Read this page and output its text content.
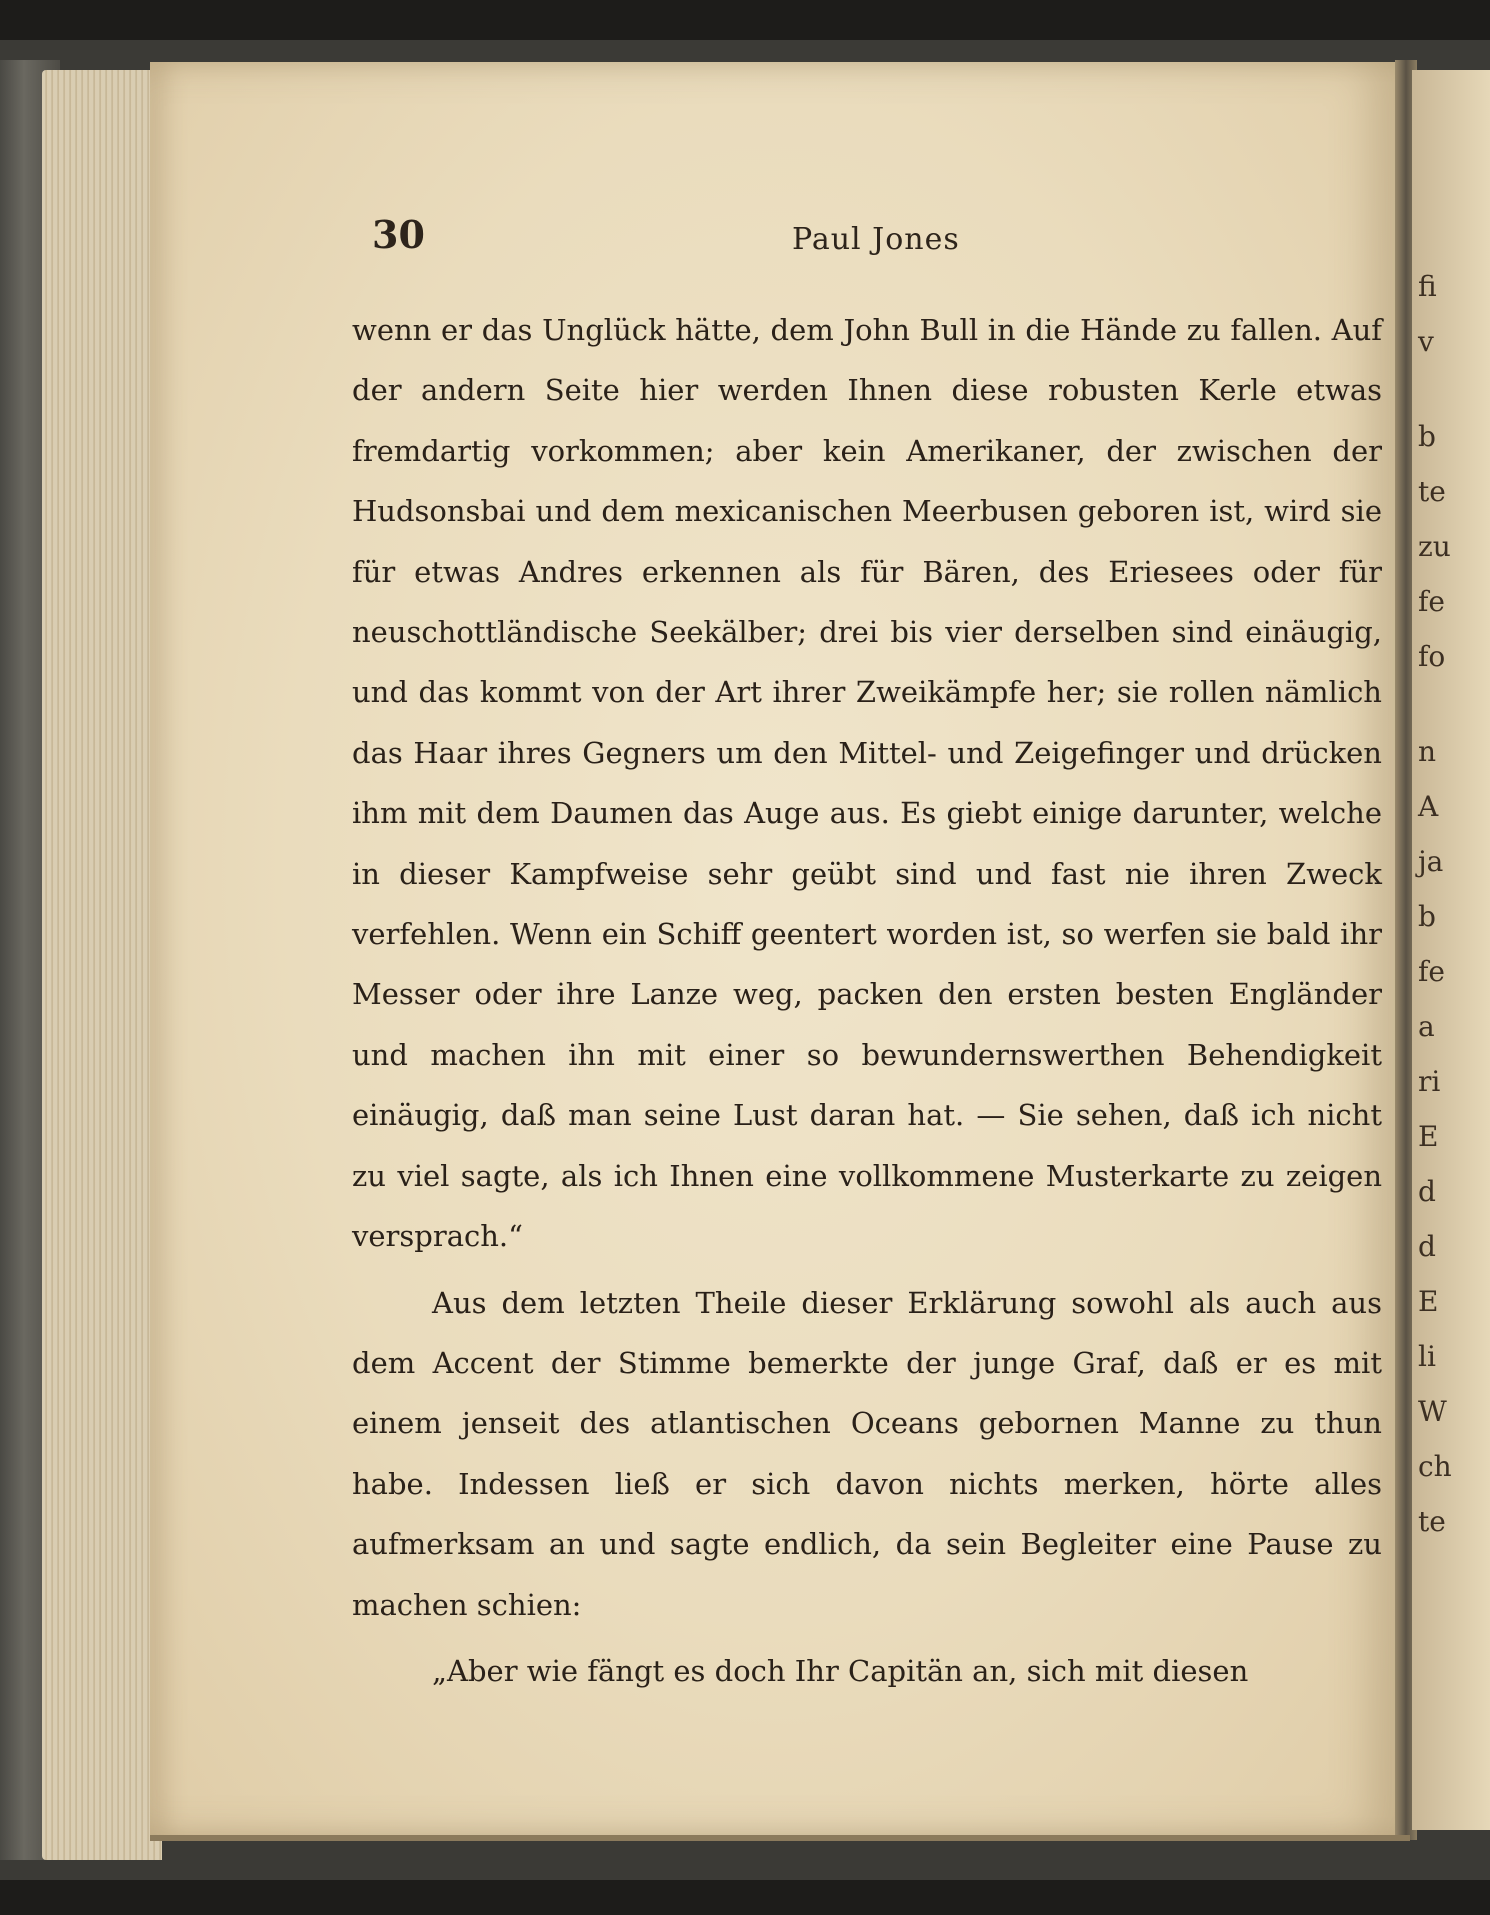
fi
v
b
te
zu
fe
fo
n
A
ja
b
fe
a
ri
E
d
d
E
li
W
ch
te
30	Paul Jones

wenn er das Unglück hätte, dem John Bull in die Hände zu fallen. Auf der andern Seite hier werden Ihnen diese robusten Kerle etwas fremdartig vorkommen; aber kein Amerikaner, der zwischen der Hudsonsbai und dem mexicanischen Meerbusen geboren ist, wird sie für etwas Andres erkennen als für Bären, des Eriesees oder für neuschottländische Seekälber; drei bis vier derselben sind einäugig, und das kommt von der Art ihrer Zweikämpfe her; sie rollen nämlich das Haar ihres Gegners um den Mittel- und Zeigefinger und drücken ihm mit dem Daumen das Auge aus. Es giebt einige darunter, welche in dieser Kampfweise sehr geübt sind und fast nie ihren Zweck verfehlen. Wenn ein Schiff geentert worden ist, so werfen sie bald ihr Messer oder ihre Lanze weg, packen den ersten besten Engländer und machen ihn mit einer so bewundernswerthen Behendigkeit einäugig, daß man seine Lust daran hat. — Sie sehen, daß ich nicht zu viel sagte, als ich Ihnen eine vollkommene Musterkarte zu zeigen versprach.“

Aus dem letzten Theile dieser Erklärung sowohl als auch aus dem Accent der Stimme bemerkte der junge Graf, daß er es mit einem jenseit des atlantischen Oceans gebornen Manne zu thun habe. Indessen ließ er sich davon nichts merken, hörte alles aufmerksam an und sagte endlich, da sein Begleiter eine Pause zu machen schien:

„Aber wie fängt es doch Ihr Capitän an, sich mit diesen
